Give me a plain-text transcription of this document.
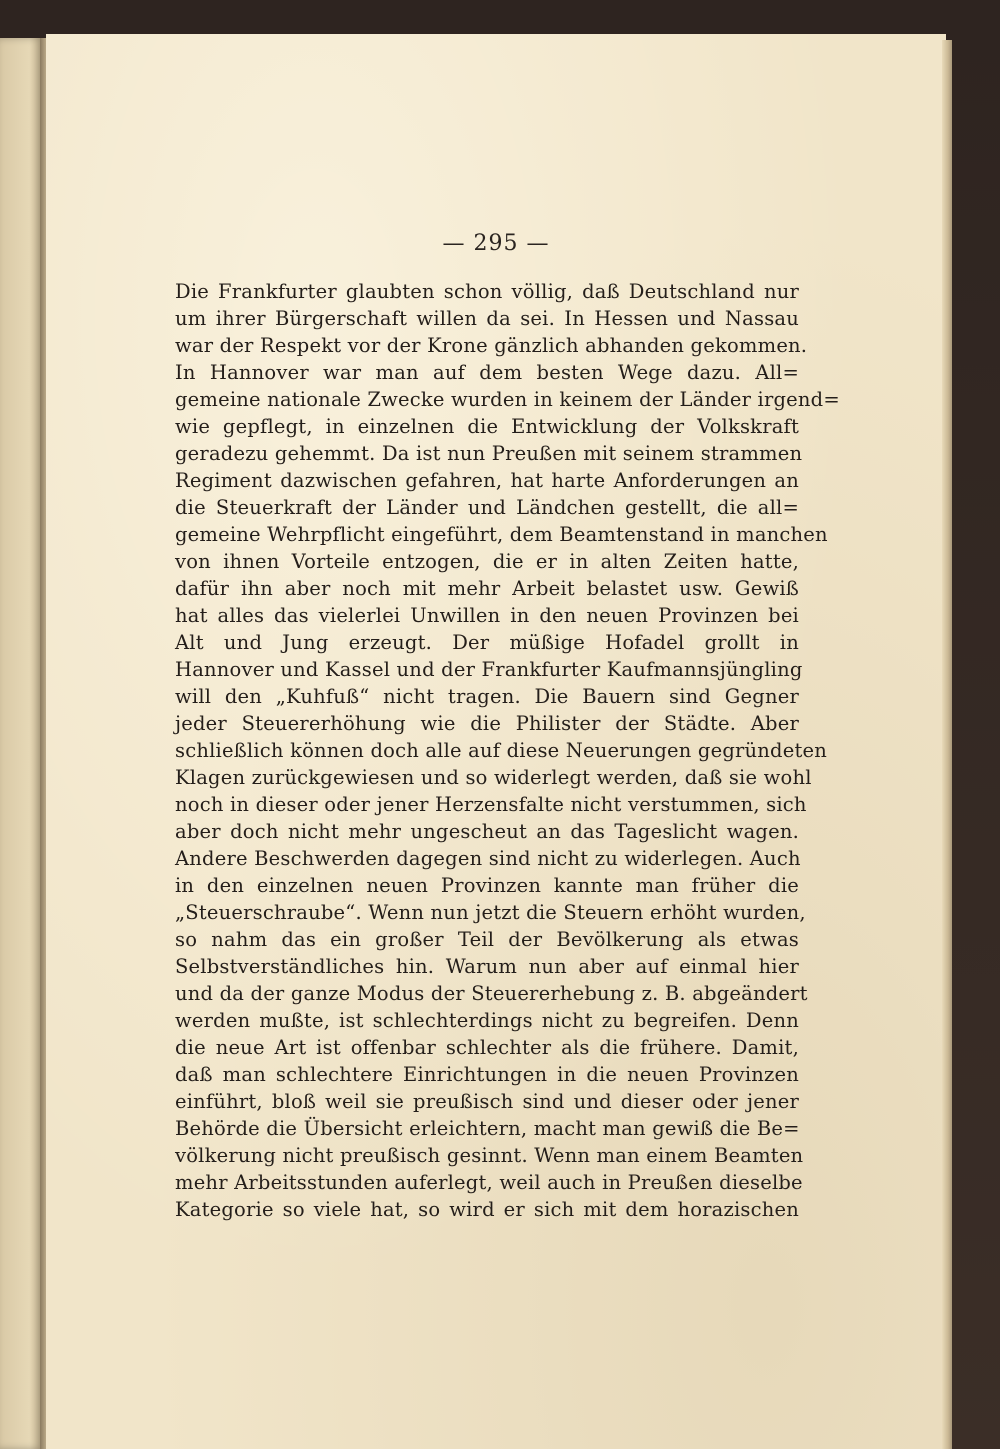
— 295 —
Die Frankfurter glaubten schon völlig, daß Deutschland nur
um ihrer Bürgerschaft willen da sei. In Hessen und Nassau
war der Respekt vor der Krone gänzlich abhanden gekommen.
In Hannover war man auf dem besten Wege dazu. All=
gemeine nationale Zwecke wurden in keinem der Länder irgend=
wie gepflegt, in einzelnen die Entwicklung der Volkskraft
geradezu gehemmt. Da ist nun Preußen mit seinem strammen
Regiment dazwischen gefahren, hat harte Anforderungen an
die Steuerkraft der Länder und Ländchen gestellt, die all=
gemeine Wehrpflicht eingeführt, dem Beamtenstand in manchen
von ihnen Vorteile entzogen, die er in alten Zeiten hatte,
dafür ihn aber noch mit mehr Arbeit belastet usw. Gewiß
hat alles das vielerlei Unwillen in den neuen Provinzen bei
Alt und Jung erzeugt. Der müßige Hofadel grollt in
Hannover und Kassel und der Frankfurter Kaufmannsjüngling
will den „Kuhfuß“ nicht tragen. Die Bauern sind Gegner
jeder Steuererhöhung wie die Philister der Städte. Aber
schließlich können doch alle auf diese Neuerungen gegründeten
Klagen zurückgewiesen und so widerlegt werden, daß sie wohl
noch in dieser oder jener Herzensfalte nicht verstummen, sich
aber doch nicht mehr ungescheut an das Tageslicht wagen.
Andere Beschwerden dagegen sind nicht zu widerlegen. Auch
in den einzelnen neuen Provinzen kannte man früher die
„Steuerschraube“. Wenn nun jetzt die Steuern erhöht wurden,
so nahm das ein großer Teil der Bevölkerung als etwas
Selbstverständliches hin. Warum nun aber auf einmal hier
und da der ganze Modus der Steuererhebung z. B. abgeändert
werden mußte, ist schlechterdings nicht zu begreifen. Denn
die neue Art ist offenbar schlechter als die frühere. Damit,
daß man schlechtere Einrichtungen in die neuen Provinzen
einführt, bloß weil sie preußisch sind und dieser oder jener
Behörde die Übersicht erleichtern, macht man gewiß die Be=
völkerung nicht preußisch gesinnt. Wenn man einem Beamten
mehr Arbeitsstunden auferlegt, weil auch in Preußen dieselbe
Kategorie so viele hat, so wird er sich mit dem horazischen
